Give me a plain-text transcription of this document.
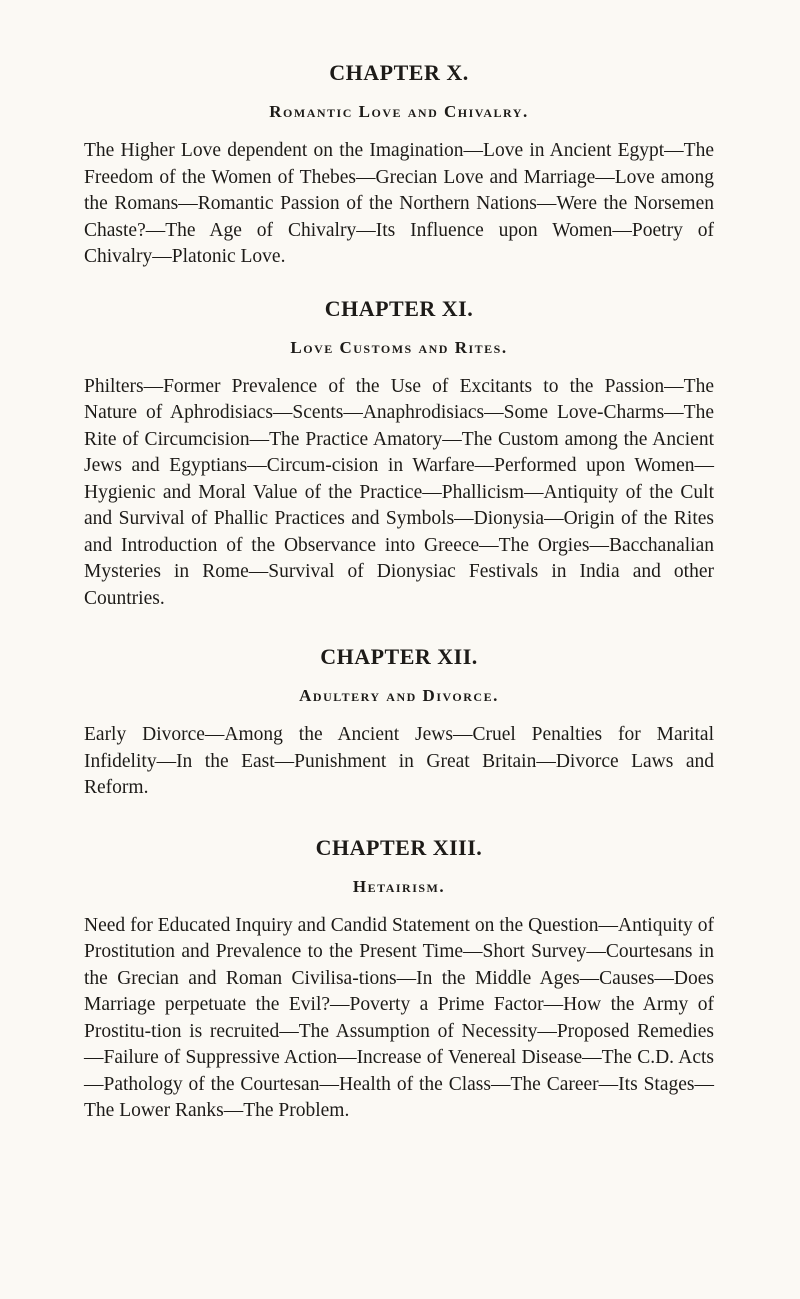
CHAPTER X.
Romantic Love and Chivalry.

The Higher Love dependent on the Imagination—Love in Ancient Egypt—The Freedom of the Women of Thebes—Grecian Love and Marriage—Love among the Romans—Romantic Passion of the Northern Nations—Were the Norsemen Chaste?—The Age of Chivalry—Its Influence upon Women—Poetry of Chivalry—Platonic Love.

CHAPTER XI.
Love Customs and Rites.

Philters—Former Prevalence of the Use of Excitants to the Passion—The Nature of Aphrodisiacs—Scents—Anaphrodisiacs—Some Love-Charms—The Rite of Circumcision—The Practice Amatory—The Custom among the Ancient Jews and Egyptians—Circum-cision in Warfare—Performed upon Women—Hygienic and Moral Value of the Practice—Phallicism—Antiquity of the Cult and Survival of Phallic Practices and Symbols—Dionysia—Origin of the Rites and Introduction of the Observance into Greece—The Orgies—Bacchanalian Mysteries in Rome—Survival of Dionysiac Festivals in India and other Countries.

CHAPTER XII.
Adultery and Divorce.

Early Divorce—Among the Ancient Jews—Cruel Penalties for Marital Infidelity—In the East—Punishment in Great Britain—Divorce Laws and Reform.

CHAPTER XIII.
Hetairism.

Need for Educated Inquiry and Candid Statement on the Question—Antiquity of Prostitution and Prevalence to the Present Time—Short Survey—Courtesans in the Grecian and Roman Civilisa-tions—In the Middle Ages—Causes—Does Marriage perpetuate the Evil?—Poverty a Prime Factor—How the Army of Prostitu-tion is recruited—The Assumption of Necessity—Proposed Remedies—Failure of Suppressive Action—Increase of Venereal Disease—The C.D. Acts—Pathology of the Courtesan—Health of the Class—The Career—Its Stages—The Lower Ranks—The Problem.
